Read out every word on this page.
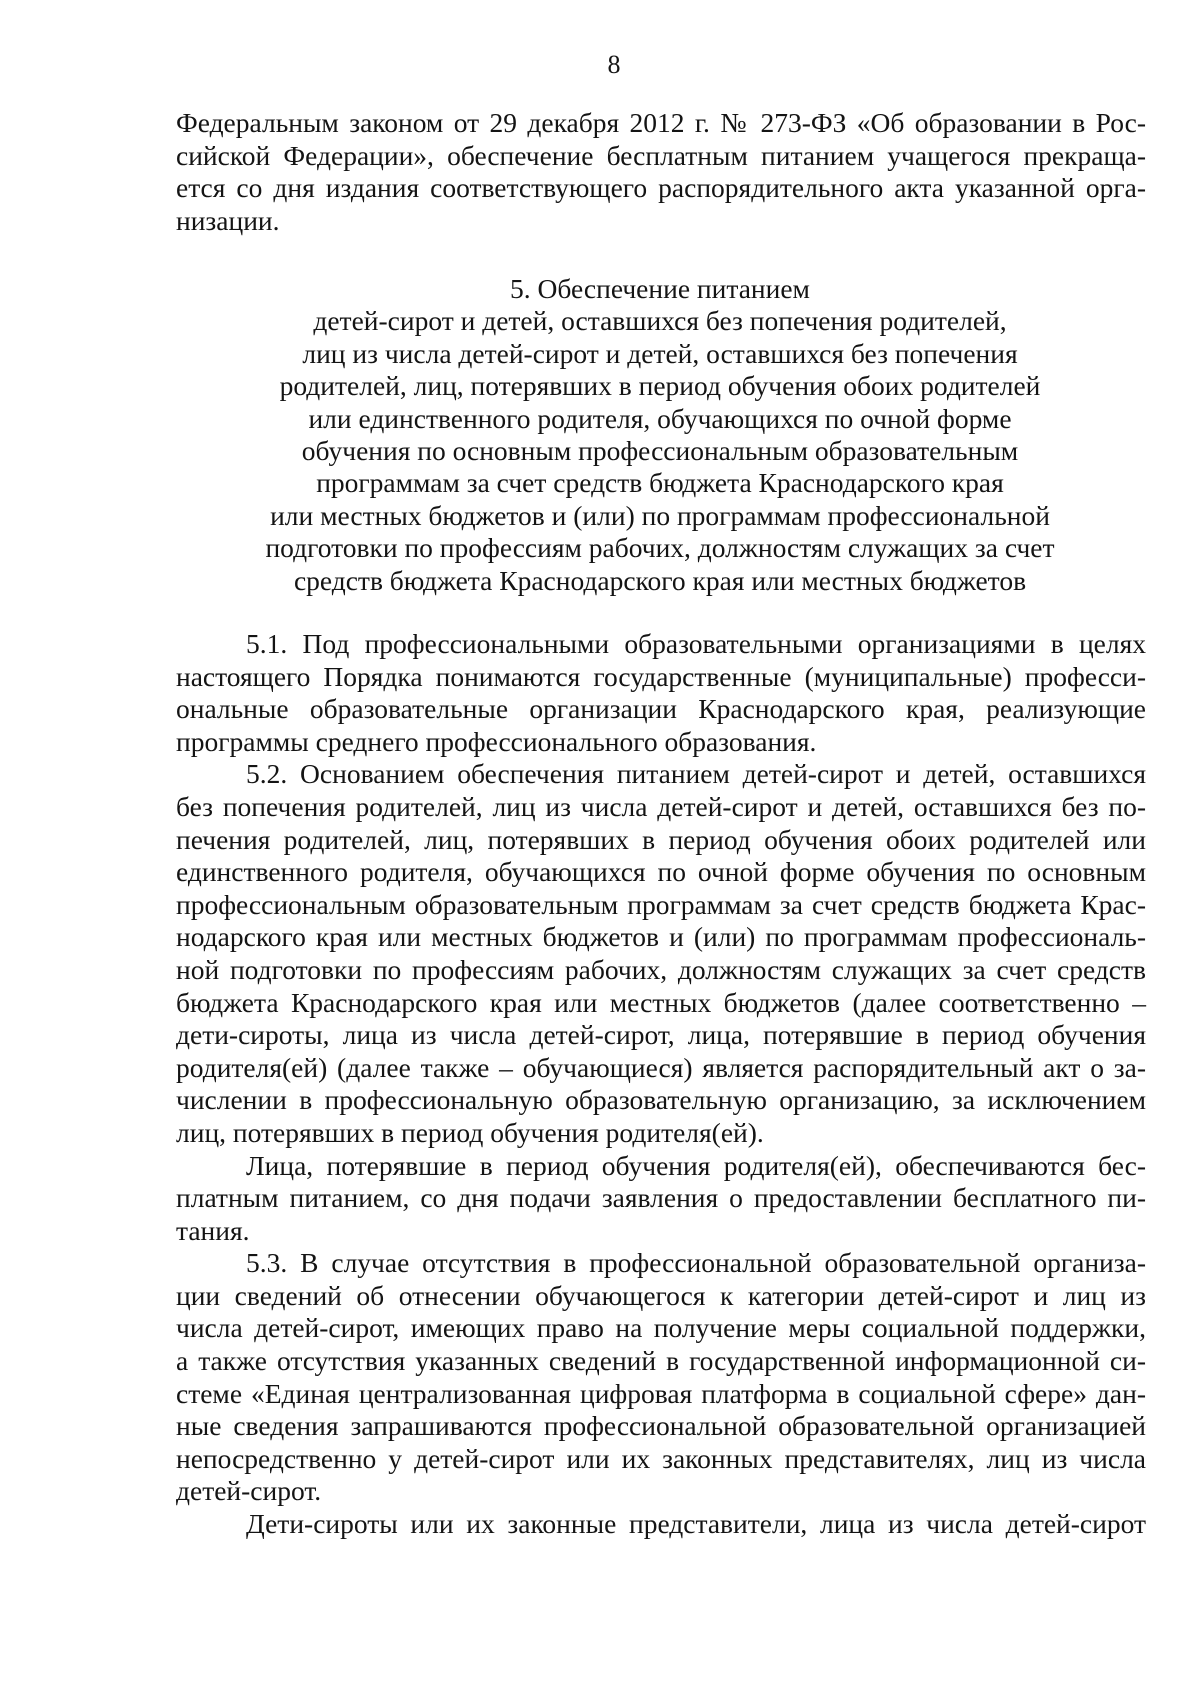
8

Федеральным законом от 29 декабря 2012 г. № 273-ФЗ «Об образовании в Рос-
сийской Федерации», обеспечение бесплатным питанием учащегося прекраща-
ется со дня издания соответствующего распорядительного акта указанной орга-
низации.

5. Обеспечение питанием
детей-сирот и детей, оставшихся без попечения родителей,
лиц из числа детей-сирот и детей, оставшихся без попечения
родителей, лиц, потерявших в период обучения обоих родителей
или единственного родителя, обучающихся по очной форме
обучения по основным профессиональным образовательным
программам за счет средств бюджета Краснодарского края
или местных бюджетов и (или) по программам профессиональной
подготовки по профессиям рабочих, должностям служащих за счет
средств бюджета Краснодарского края или местных бюджетов

5.1. Под профессиональными образовательными организациями в целях
настоящего Порядка понимаются государственные (муниципальные) професси-
ональные образовательные организации Краснодарского края, реализующие
программы среднего профессионального образования.

5.2. Основанием обеспечения питанием детей-сирот и детей, оставшихся
без попечения родителей, лиц из числа детей-сирот и детей, оставшихся без по-
печения родителей, лиц, потерявших в период обучения обоих родителей или
единственного родителя, обучающихся по очной форме обучения по основным
профессиональным образовательным программам за счет средств бюджета Крас-
нодарского края или местных бюджетов и (или) по программам профессиональ-
ной подготовки по профессиям рабочих, должностям служащих за счет средств
бюджета Краснодарского края или местных бюджетов (далее соответственно –
дети-сироты, лица из числа детей-сирот, лица, потерявшие в период обучения
родителя(ей) (далее также – обучающиеся) является распорядительный акт о за-
числении в профессиональную образовательную организацию, за исключением
лиц, потерявших в период обучения родителя(ей).

Лица, потерявшие в период обучения родителя(ей), обеспечиваются бес-
платным питанием, со дня подачи заявления о предоставлении бесплатного пи-
тания.

5.3. В случае отсутствия в профессиональной образовательной организа-
ции сведений об отнесении обучающегося к категории детей-сирот и лиц из
числа детей-сирот, имеющих право на получение меры социальной поддержки,
а также отсутствия указанных сведений в государственной информационной си-
стеме «Единая централизованная цифровая платформа в социальной сфере» дан-
ные сведения запрашиваются профессиональной образовательной организацией
непосредственно у детей-сирот или их законных представителях, лиц из числа
детей-сирот.

Дети-сироты или их законные представители, лица из числа детей-сирот
